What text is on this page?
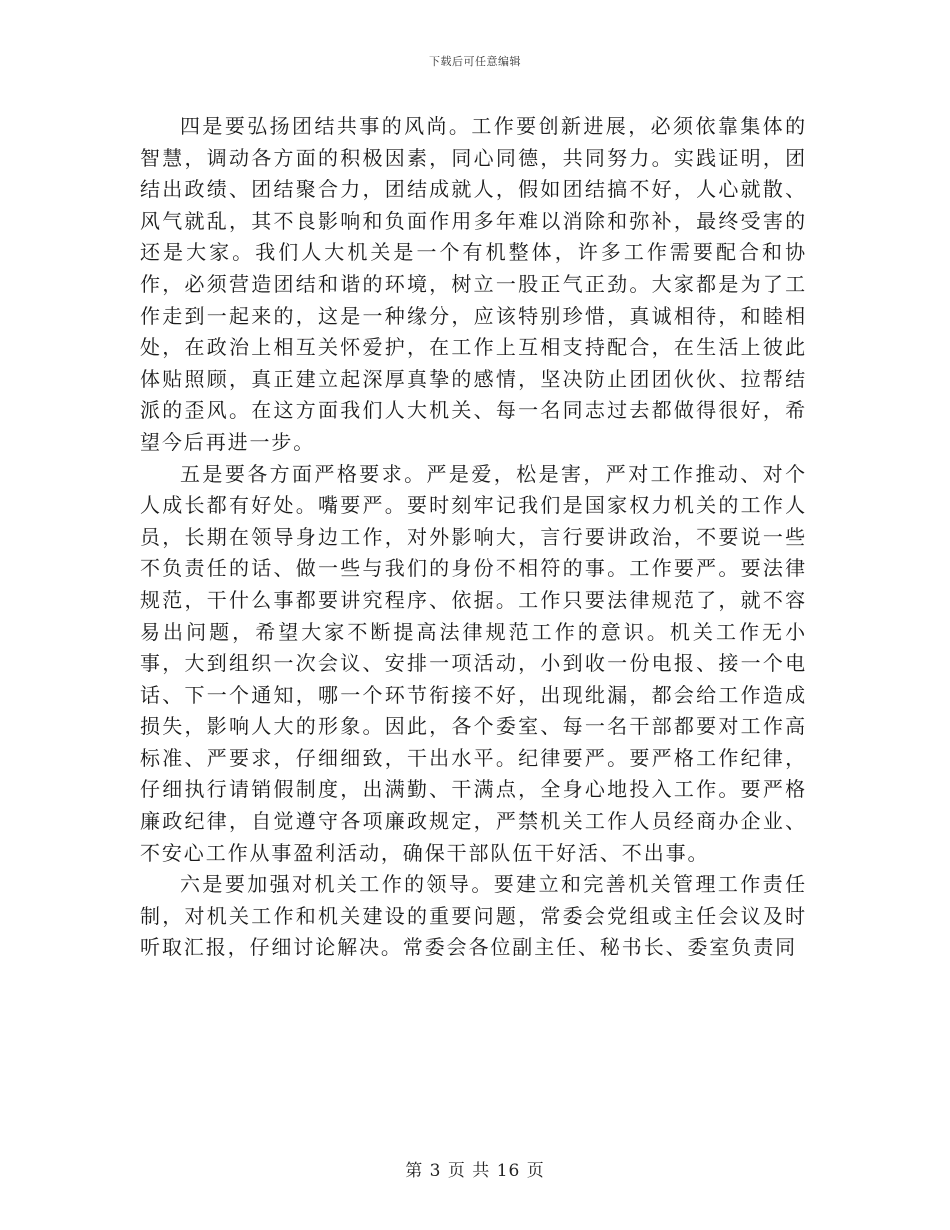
下载后可任意编辑

四是要弘扬团结共事的风尚。工作要创新进展，必须依靠集体的智慧，调动各方面的积极因素，同心同德，共同努力。实践证明，团结出政绩、团结聚合力，团结成就人，假如团结搞不好，人心就散、风气就乱，其不良影响和负面作用多年难以消除和弥补，最终受害的还是大家。我们人大机关是一个有机整体，许多工作需要配合和协作，必须营造团结和谐的环境，树立一股正气正劲。大家都是为了工作走到一起来的，这是一种缘分，应该特别珍惜，真诚相待，和睦相处，在政治上相互关怀爱护，在工作上互相支持配合，在生活上彼此体贴照顾，真正建立起深厚真挚的感情，坚决防止团团伙伙、拉帮结派的歪风。在这方面我们人大机关、每一名同志过去都做得很好，希望今后再进一步。

五是要各方面严格要求。严是爱，松是害，严对工作推动、对个人成长都有好处。嘴要严。要时刻牢记我们是国家权力机关的工作人员，长期在领导身边工作，对外影响大，言行要讲政治，不要说一些不负责任的话、做一些与我们的身份不相符的事。工作要严。要法律规范，干什么事都要讲究程序、依据。工作只要法律规范了，就不容易出问题，希望大家不断提高法律规范工作的意识。机关工作无小事，大到组织一次会议、安排一项活动，小到收一份电报、接一个电话、下一个通知，哪一个环节衔接不好，出现纰漏，都会给工作造成损失，影响人大的形象。因此，各个委室、每一名干部都要对工作高标准、严要求，仔细细致，干出水平。纪律要严。要严格工作纪律，仔细执行请销假制度，出满勤、干满点，全身心地投入工作。要严格廉政纪律，自觉遵守各项廉政规定，严禁机关工作人员经商办企业、不安心工作从事盈利活动，确保干部队伍干好活、不出事。

六是要加强对机关工作的领导。要建立和完善机关管理工作责任制，对机关工作和机关建设的重要问题，常委会党组或主任会议及时听取汇报，仔细讨论解决。常委会各位副主任、秘书长、委室负责同

第 3 页 共 16 页
